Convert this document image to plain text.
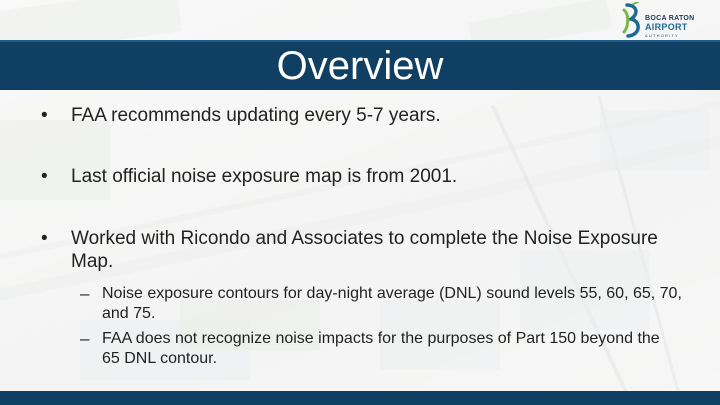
Overview
BOCA RATON
AIRPORT
AUTHORITY
• FAA recommends updating every 5-7 years.
• Last official noise exposure map is from 2001.
• Worked with Ricondo and Associates to complete the Noise Exposure Map.
– Noise exposure contours for day-night average (DNL) sound levels 55, 60, 65, 70, and 75.
– FAA does not recognize noise impacts for the purposes of Part 150 beyond the 65 DNL contour.
